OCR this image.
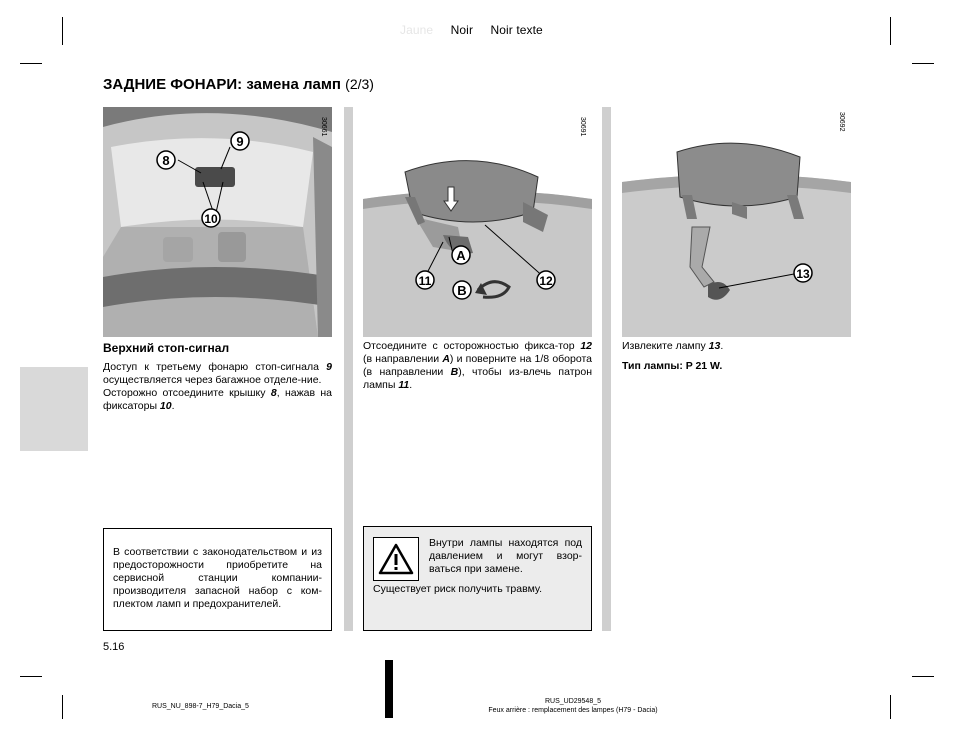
Jaune Noir Noir texte
ЗАДНИЕ ФОНАРИ: замена ламп (2/3)
8
9
10
30661
A
B
11	12
30691
13
30692
Верхний стоп-сигнал

Доступ к третьему фонарю стоп-сигнала 9 осуществляется через багажное отделе-ние.

Осторожно отсоедините крышку 8, нажав на фиксаторы 10.

Отсоедините с осторожностью фикса-тор 12 (в направлении A) и поверните на 1/8 оборота (в направлении B), чтобы из-влечь патрон лампы 11.

Извлеките лампу 13.

Тип лампы: P 21 W.

В соответствии с законодательством и из предосторожности приобретите на сервисной станции компании-производителя запасной набор с ком-плектом ламп и предохранителей.

Внутри лампы находятся под давлением и могут взор-ваться при замене.

Существует риск получить травму.

5.16
RUS_NU_898-7_H79_Dacia_5
RUS_UD29548_5
Feux arrière : remplacement des lampes (H79 - Dacia)
